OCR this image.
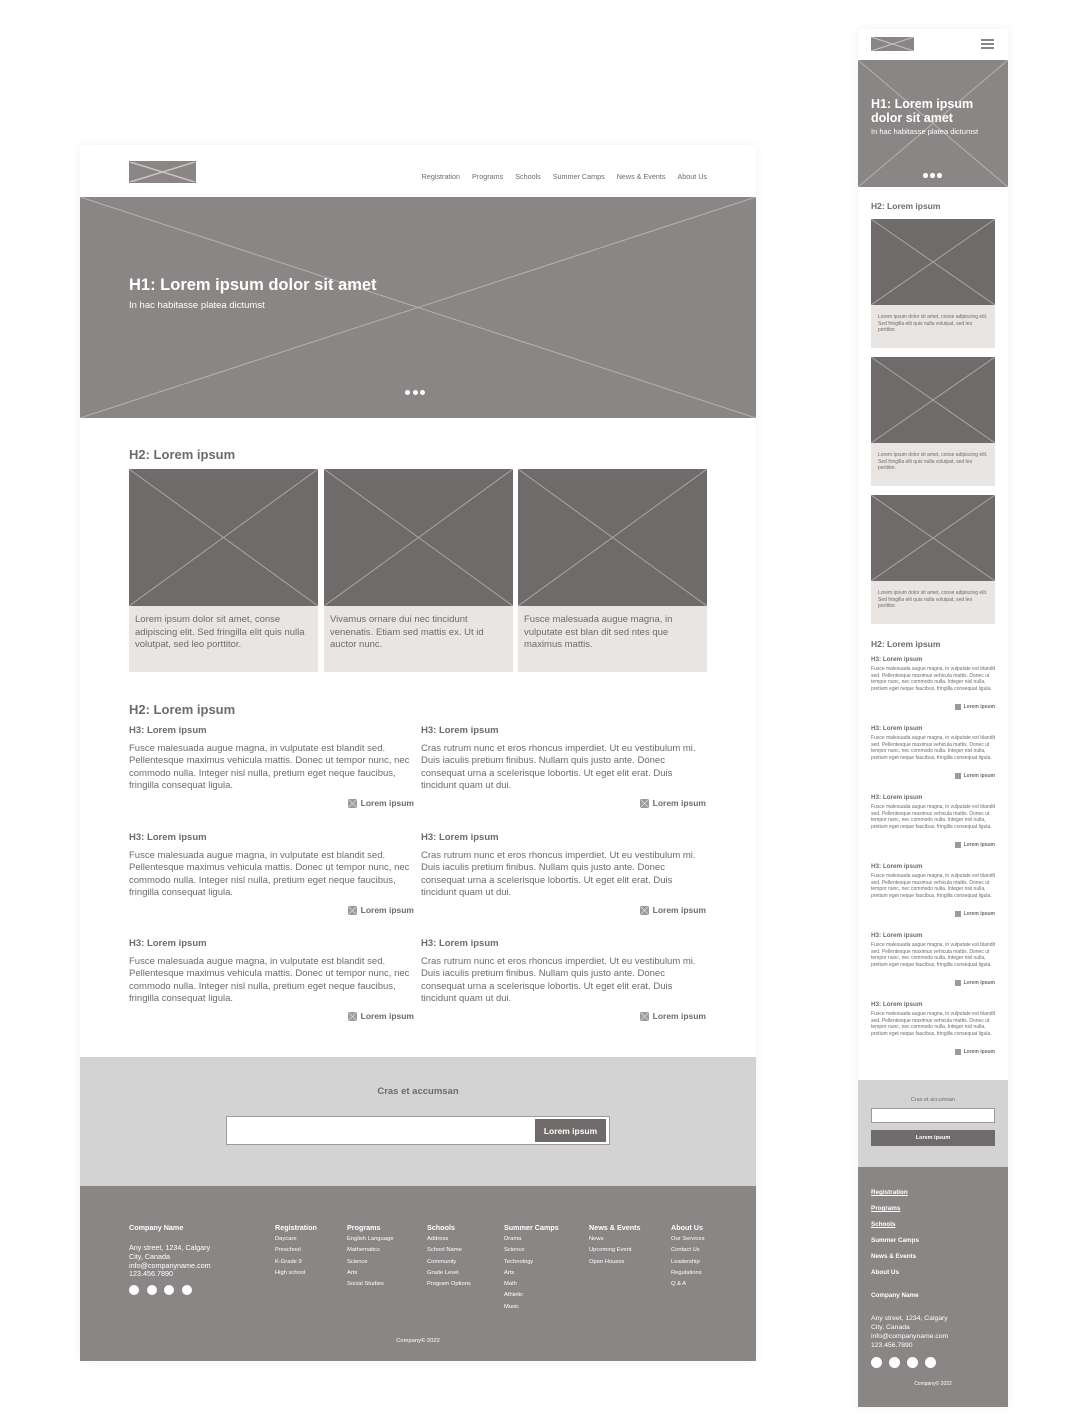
Registration Programs Schools Summer Camps News & Events About Us
H1: Lorem ipsum dolor sit amet
In hac habitasse platea dictumst
H2: Lorem ipsum
Lorem ipsum dolor sit amet, conse adipiscing elit. Sed fringilla elit quis nulla volutpat, sed leo porttitor.
Vivamus ornare dui nec tincidunt venenatis. Etiam sed mattis ex. Ut id auctor nunc.
Fusce malesuada augue magna, in vulputate est blan dit sed ntes que maximus mattis.
H2: Lorem ipsum
H3: Lorem ipsum
Fusce malesuada augue magna, in vulputate est blandit sed. Pellentesque maximus vehicula mattis. Donec ut tempor nunc, nec commodo nulla. Integer nisl nulla, pretium eget neque faucibus, fringilla consequat ligula.
Lorem ipsum
H3: Lorem ipsum
Cras rutrum nunc et eros rhoncus imperdiet. Ut eu vestibulum mi. Duis iaculis pretium finibus. Nullam quis justo ante. Donec consequat urna a scelerisque lobortis. Ut eget elit erat. Duis tincidunt quam ut dui.
Lorem ipsum
H3: Lorem ipsum
Fusce malesuada augue magna, in vulputate est blandit sed. Pellentesque maximus vehicula mattis. Donec ut tempor nunc, nec commodo nulla. Integer nisl nulla, pretium eget neque faucibus, fringilla consequat ligula.
Lorem ipsum
H3: Lorem ipsum
Cras rutrum nunc et eros rhoncus imperdiet. Ut eu vestibulum mi. Duis iaculis pretium finibus. Nullam quis justo ante. Donec consequat urna a scelerisque lobortis. Ut eget elit erat. Duis tincidunt quam ut dui.
Lorem ipsum
H3: Lorem ipsum
Fusce malesuada augue magna, in vulputate est blandit sed. Pellentesque maximus vehicula mattis. Donec ut tempor nunc, nec commodo nulla. Integer nisl nulla, pretium eget neque faucibus, fringilla consequat ligula.
Lorem ipsum
H3: Lorem ipsum
Cras rutrum nunc et eros rhoncus imperdiet. Ut eu vestibulum mi. Duis iaculis pretium finibus. Nullam quis justo ante. Donec consequat urna a scelerisque lobortis. Ut eget elit erat. Duis tincidunt quam ut dui.
Lorem ipsum
Cras et accumsan
Lorem ipsum
Company Name
Any street, 1234, Calgary
City, Canada
info@companyname.com
123.456.7890
Registration
Daycare
Preschool
K-Grade 9
High school
Programs
English Language
Mathematics
Science
Arts
Social Studies
Schools
Address
School Name
Community
Grade Level
Program Options
Summer Camps
Drama
Science
Technology
Arts
Math
Athletic
Music
News & Events
News
Upcoming Event
Open Houses
About Us
Our Services
Contact Us
Leadership
Regulations
Q & A
Company© 2022
H1: Lorem ipsum dolor sit amet
In hac habitasse platea dictumst
H2: Lorem ipsum
Lorem ipsum dolor sit amet, conse adipiscing elit. Sed fringilla elit quis nulla volutpat, sed leo porttitor.
Lorem ipsum dolor sit amet, conse adipiscing elit. Sed fringilla elit quis nulla volutpat, sed leo porttitor.
Lorem ipsum dolor sit amet, conse adipiscing elit. Sed fringilla elit quis nulla volutpat, sed leo porttitor.
H2: Lorem ipsum
H3: Lorem ipsum
Fusce malesuada augue magna, in vulputate est blandit sed. Pellentesque maximus vehicula mattis. Donec ut tempor nunc, nec commodo nulla. Integer nisl nulla, pretium eget neque faucibus, fringilla consequat ligula.
Lorem ipsum
H3: Lorem ipsum
Fusce malesuada augue magna, in vulputate est blandit sed. Pellentesque maximus vehicula mattis. Donec ut tempor nunc, nec commodo nulla. Integer nisl nulla, pretium eget neque faucibus, fringilla consequat ligula.
Lorem ipsum
H3: Lorem ipsum
Fusce malesuada augue magna, in vulputate est blandit sed. Pellentesque maximus vehicula mattis. Donec ut tempor nunc, nec commodo nulla. Integer nisl nulla, pretium eget neque faucibus, fringilla consequat ligula.
Lorem ipsum
H3: Lorem ipsum
Fusce malesuada augue magna, in vulputate est blandit sed. Pellentesque maximus vehicula mattis. Donec ut tempor nunc, nec commodo nulla. Integer nisl nulla, pretium eget neque faucibus, fringilla consequat ligula.
Lorem ipsum
H3: Lorem ipsum
Fusce malesuada augue magna, in vulputate est blandit sed. Pellentesque maximus vehicula mattis. Donec ut tempor nunc, nec commodo nulla. Integer nisl nulla, pretium eget neque faucibus, fringilla consequat ligula.
Lorem ipsum
H3: Lorem ipsum
Fusce malesuada augue magna, in vulputate est blandit sed. Pellentesque maximus vehicula mattis. Donec ut tempor nunc, nec commodo nulla. Integer nisl nulla, pretium eget neque faucibus, fringilla consequat ligula.
Lorem ipsum
Cras et accumsan
Lorem ipsum
Registration
Programs
Schools
Summer Camps
News & Events
About Us
Company Name
Any street, 1234, Calgary
City, Canada
info@companyname.com
123.456.7890
Company© 2022
